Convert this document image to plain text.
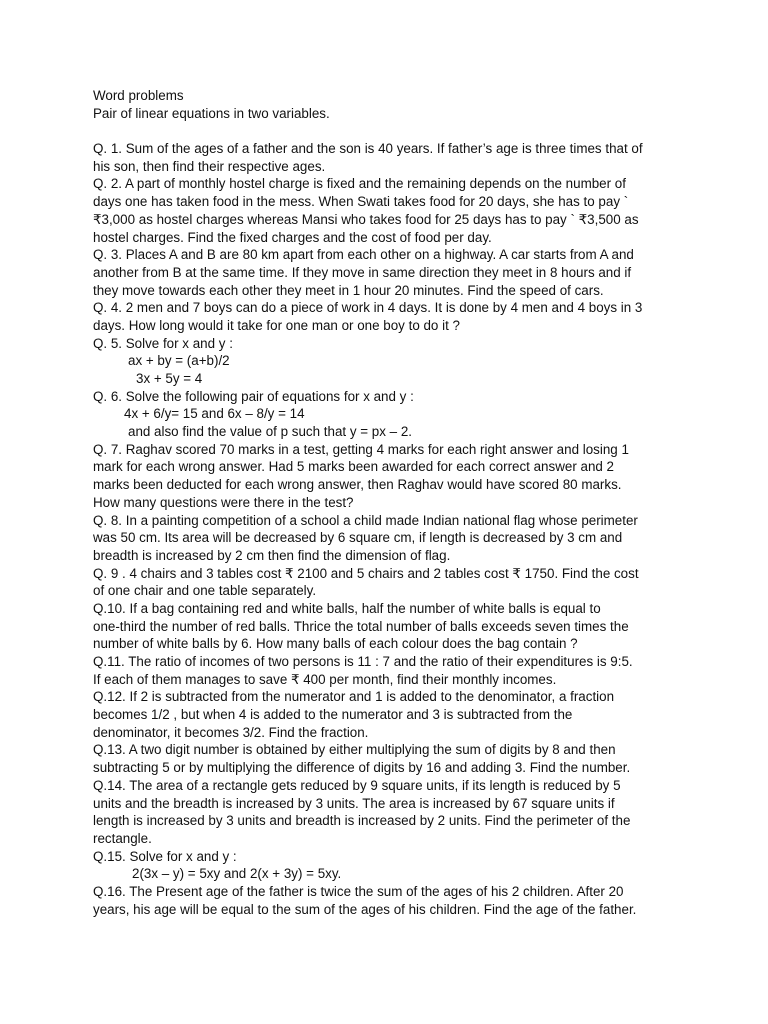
Word problems
Pair of linear equations in two variables.
Q. 1. Sum of the ages of a father and the son is 40 years. If father’s age is three times that of
his son, then find their respective ages.
Q. 2. A part of monthly hostel charge is fixed and the remaining depends on the number of
days one has taken food in the mess. When Swati takes food for 20 days, she has to pay `
₹3,000 as hostel charges whereas Mansi who takes food for 25 days has to pay ` ₹3,500 as
hostel charges. Find the fixed charges and the cost of food per day.
Q. 3. Places A and B are 80 km apart from each other on a highway. A car starts from A and
another from B at the same time. If they move in same direction they meet in 8 hours and if
they move towards each other they meet in 1 hour 20 minutes. Find the speed of cars.
Q. 4. 2 men and 7 boys can do a piece of work in 4 days. It is done by 4 men and 4 boys in 3
days. How long would it take for one man or one boy to do it ?
Q. 5. Solve for x and y :
ax + by = (a+b)/2
3x + 5y = 4
Q. 6. Solve the following pair of equations for x and y :
4x + 6/y= 15 and 6x – 8/y = 14
and also find the value of p such that y = px – 2.
Q. 7. Raghav scored 70 marks in a test, getting 4 marks for each right answer and losing 1
mark for each wrong answer. Had 5 marks been awarded for each correct answer and 2
marks been deducted for each wrong answer, then Raghav would have scored 80 marks.
How many questions were there in the test?
Q. 8. In a painting competition of a school a child made Indian national flag whose perimeter
was 50 cm. Its area will be decreased by 6 square cm, if length is decreased by 3 cm and
breadth is increased by 2 cm then find the dimension of flag.
Q. 9 . 4 chairs and 3 tables cost ₹ 2100 and 5 chairs and 2 tables cost ₹ 1750. Find the cost
of one chair and one table separately.
Q.10. If a bag containing red and white balls, half the number of white balls is equal to
one-third the number of red balls. Thrice the total number of balls exceeds seven times the
number of white balls by 6. How many balls of each colour does the bag contain ?
Q.11. The ratio of incomes of two persons is 11 : 7 and the ratio of their expenditures is 9:5.
If each of them manages to save ₹ 400 per month, find their monthly incomes.
Q.12. If 2 is subtracted from the numerator and 1 is added to the denominator, a fraction
becomes 1/2 , but when 4 is added to the numerator and 3 is subtracted from the
denominator, it becomes 3/2. Find the fraction.
Q.13. A two digit number is obtained by either multiplying the sum of digits by 8 and then
subtracting 5 or by multiplying the difference of digits by 16 and adding 3. Find the number.
Q.14. The area of a rectangle gets reduced by 9 square units, if its length is reduced by 5
units and the breadth is increased by 3 units. The area is increased by 67 square units if
length is increased by 3 units and breadth is increased by 2 units. Find the perimeter of the
rectangle.
Q.15. Solve for x and y :
2(3x – y) = 5xy and 2(x + 3y) = 5xy.
Q.16. The Present age of the father is twice the sum of the ages of his 2 children. After 20
years, his age will be equal to the sum of the ages of his children. Find the age of the father.
